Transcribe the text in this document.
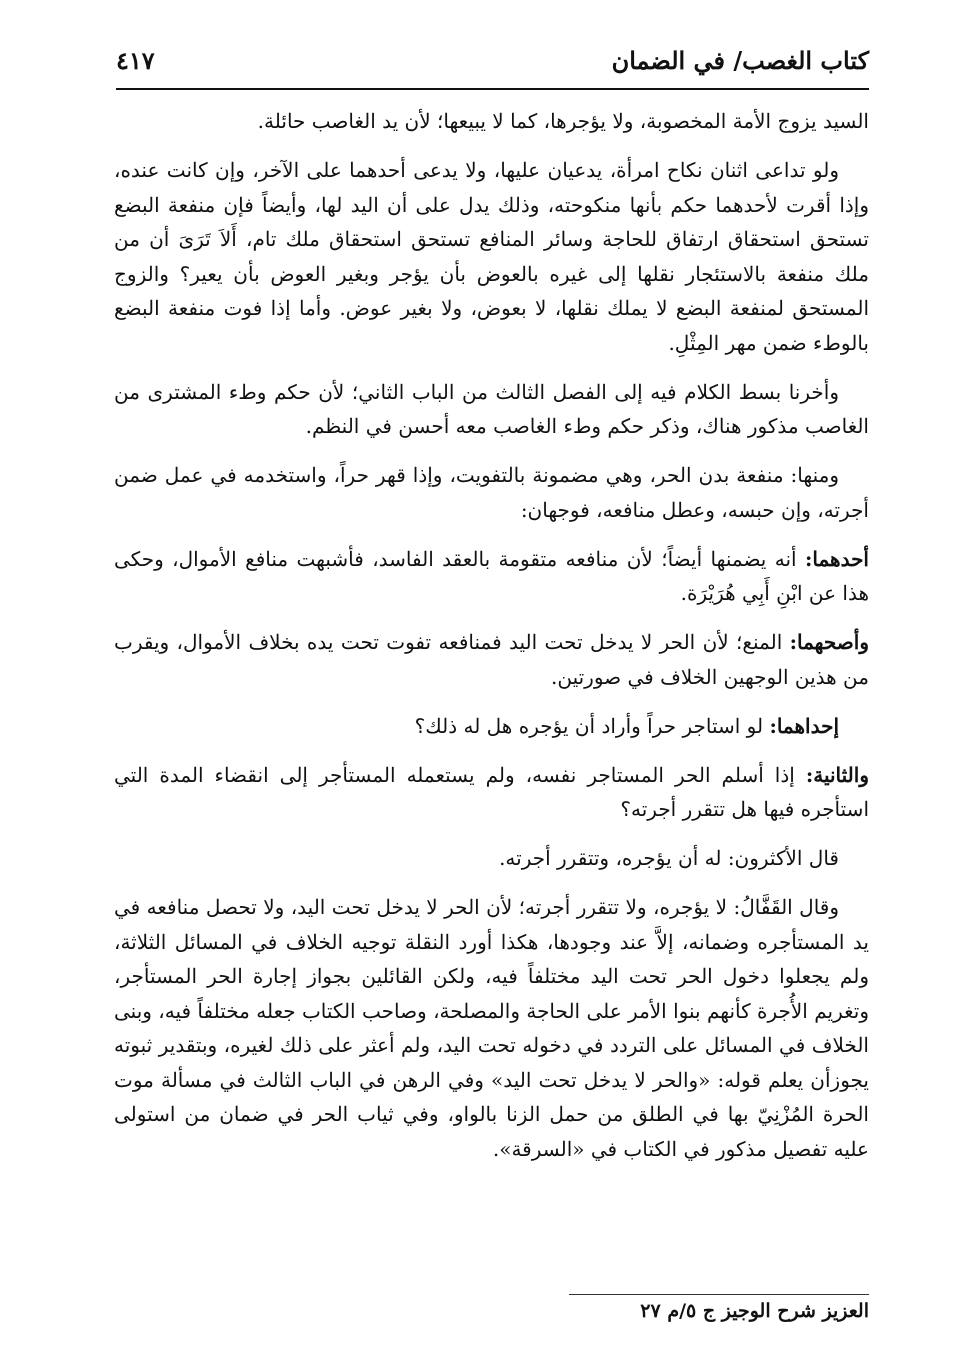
كتاب الغصب/ في الضمان
٤١٧

السيد يزوج الأمة المخصوبة، ولا يؤجرها، كما لا يبيعها؛ لأن يد الغاصب حائلة.

ولو تداعى اثنان نكاح امرأة، يدعيان عليها، ولا يدعى أحدهما على الآخر، وإن كانت عنده، وإذا أقرت لأحدهما حكم بأنها منكوحته، وذلك يدل على أن اليد لها، وأيضاً فإن منفعة البضع تستحق استحقاق ارتفاق للحاجة وسائر المنافع تستحق استحقاق ملك تام، أَلاَ تَرَىَ أن من ملك منفعة بالاستئجار نقلها إلى غيره بالعوض بأن يؤجر وبغير العوض بأن يعير؟ والزوج المستحق لمنفعة البضع لا يملك نقلها، لا بعوض، ولا بغير عوض. وأما إذا فوت منفعة البضع بالوطء ضمن مهر المِثْلِ.

وأخرنا بسط الكلام فيه إلى الفصل الثالث من الباب الثاني؛ لأن حكم وطء المشترى من الغاصب مذكور هناك، وذكر حكم وطء الغاصب معه أحسن في النظم.

ومنها: منفعة بدن الحر، وهي مضمونة بالتفويت، وإذا قهر حراً، واستخدمه في عمل ضمن أجرته، وإن حبسه، وعطل منافعه، فوجهان:

أحدهما: أنه يضمنها أيضاً؛ لأن منافعه متقومة بالعقد الفاسد، فأشبهت منافع الأموال، وحكى هذا عن ابْنِ أَبِي هُرَيْرَة.

وأصحهما: المنع؛ لأن الحر لا يدخل تحت اليد فمنافعه تفوت تحت يده بخلاف الأموال، ويقرب من هذين الوجهين الخلاف في صورتين.

إحداهما: لو استاجر حراً وأراد أن يؤجره هل له ذلك؟

والثانية: إذا أسلم الحر المستاجر نفسه، ولم يستعمله المستأجر إلى انقضاء المدة التي استأجره فيها هل تتقرر أجرته؟

قال الأكثرون: له أن يؤجره، وتتقرر أجرته.

وقال القَفَّالُ: لا يؤجره، ولا تتقرر أجرته؛ لأن الحر لا يدخل تحت اليد، ولا تحصل منافعه في يد المستأجره وضمانه، إلاَّ عند وجودها، هكذا أورد النقلة توجيه الخلاف في المسائل الثلاثة، ولم يجعلوا دخول الحر تحت اليد مختلفاً فيه، ولكن القائلين بجواز إجارة الحر المستأجر، وتغريم الأُجرة كأنهم بنوا الأمر على الحاجة والمصلحة، وصاحب الكتاب جعله مختلفاً فيه، وبنى الخلاف في المسائل على التردد في دخوله تحت اليد، ولم أعثر على ذلك لغيره، وبتقدير ثبوته يجوزأن يعلم قوله: «والحر لا يدخل تحت اليد» وفي الرهن في الباب الثالث في مسألة موت الحرة المُزْنِيّ بها في الطلق من حمل الزنا بالواو، وفي ثياب الحر في ضمان من استولى عليه تفصيل مذكور في الكتاب في «السرقة».

العزيز شرح الوجيز ج ٥/م ٢٧
